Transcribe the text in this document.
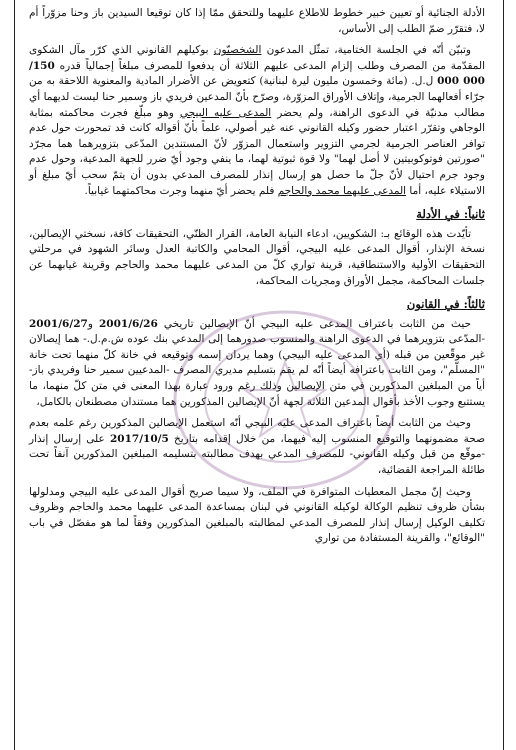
الأدلة الجنائية أو تعيين خبير خطوط للاطلاع عليهما وللتحقق ممّا إذا كان توقيعا السيدين باز وحنا مزوّراً أم لا، فتقرّر ضمّ الطلب إلى الأساس،

وتبيّن أنّه في الجلسة الختامية، تمثّل المدعون الشخصيّون بوكيلهم القانوني الذي كرّر مآل الشكوى المقدّمة من المصرف وطلب إلزام المدعى عليهم الثلاثة أن يدفعوا للمصرف مبلغاً إجمالياً قدره /150 000 000 ل.ل. (مائة وخمسون مليون ليرة لبنانية) كتعويض عن الأضرار المادية والمعنوية اللاحقة به من جرّاء أفعالهما الجرمية، وإتلاف الأوراق المزوّرة، وصرّح بأنّ المدعين فريدي باز وسمير حنا ليست لديهما أي مطالب مدنيّة في الدعوى الراهنة، ولم يحضر المدعى عليه البيجي وهو مبلّغ فجرت محاكمته بمثابة الوجاهي وتقرّر اعتبار حضور وكيله القانوني عنه غير أصولي، علماً بأنّ أقواله كانت قد تمحورت حول عدم توافر العناصر الجرمية لجرمي التزوير واستعمال المزوّر لأنّ المستندين المدّعى بتزويرهما هما مجرّد "صورتين فوتوكوبيتين لا أصل لهما" ولا قوة ثبوتية لهما، ما ينفي وجود أيّ ضرر للجهة المدعية، وحول عدم وجود جرم احتيال لأنّ جلّ ما حصل هو إرسال إنذار للمصرف المدعي بدون أن يتمّ سحب أيّ مبلغ أو الاستيلاء عليه، أما المدعى عليهما محمد والحاجم فلم يحضر أيّ منهما وجرت محاكمتهما غيابياً.

ثانياً: في الأدلة

تأيّدت هذه الوقائع بـ: الشكويين، ادعاء النيابة العامة، القرار الظنّي، التحقيقات كافة، نسختي الإيصالين، نسخة الإنذار، أقوال المدعى عليه البيجي، أقوال المحامي والكاتبة العدل وسائر الشهود في مرحلتي التحقيقات الأولية والاستنطاقية، قرينة تواري كلّ من المدعى عليهما محمد والحاجم وقرينة غيابهما عن جلسات المحاكمة، مجمل الأوراق ومجريات المحاكمة،

ثالثاً: في القانون

حيث من الثابت باعتراف المدعى عليه البيجي أنّ الإيصالين تاريخي 2001/6/26 و2001/6/27 -المدّعى بتزويرهما في الدعوى الراهنة والمنسوب صدورهما إلى المدعي بنك عوده ش.م.ل.- هما إيصالان غير موقّعين من قبله (أي المدعى عليه البيجي) وهما يردان إسمه وتوقيعه في خانة كلّ منهما تحت خانة "المسلّم"، ومن الثابت باعترافه أيضاً أنّه لم يقم بتسليم مديري المصرف -المدعيين سمير حنا وفريدي باز- أياً من المبلغين المذكورين في متن الإيصالين وذلك رغم ورود عبارة بهذا المعنى في متن كلّ منهما، ما يستتبع وجوب الأخذ بأقوال المدعين الثلاثة لجهة أنّ الإيصالين المذكورين هما مستندان مصطنعان بالكامل،

وحيث من الثابت أيضاً باعتراف المدعى عليه البيجي أنّه استعمل الإيصالين المذكورين رغم علمه بعدم صحة مضمونهما والتوقيع المنسوب إليه فيهما، من خلال إقدامه بتاريخ 2017/10/5 على إرسال إنذار -موقّع من قبل وكيله القانوني- للمصرف المدعي بهدف مطالبته بتسليمه المبلغين المذكورين آنفاً تحت طائلة المراجعة القضائية،

وحيث إنّ مجمل المعطيات المتوافرة في الملف، ولا سيما صريح أقوال المدعى عليه البيجي ومدلولها بشأن ظروف تنظيم الوكالة لوكيله القانوني في لبنان بمساعدة المدعى عليهما محمد والحاجم وظروف تكليف الوكيل إرسال إنذار للمصرف المدعي لمطالبته بالمبلغين المذكورين وفقاً لما هو مفصّل في باب "الوقائع"، والقرينة المستفادة من تواري
